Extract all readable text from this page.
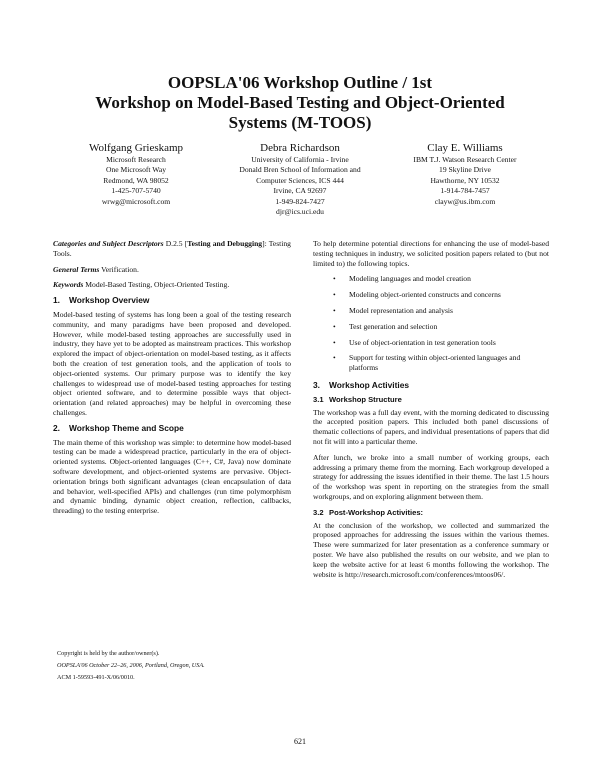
OOPSLA'06 Workshop Outline / 1st
Workshop on Model-Based Testing and Object-Oriented
Systems (M-TOOS)
Wolfgang Grieskamp
Microsoft Research
One Microsoft Way
Redmond, WA 98052
1-425-707-5740
wrwg@microsoft.com
Debra Richardson
University of California - Irvine
Donald Bren School of Information and
Computer Sciences, ICS 444
Irvine, CA 92697
1-949-824-7427
djr@ics.uci.edu
Clay E. Williams
IBM T.J. Watson Research Center
19 Skyline Drive
Hawthorne, NY 10532
1-914-784-7457
clayw@us.ibm.com

Categories and Subject Descriptors D.2.5 [Testing and Debugging]: Testing Tools.

General Terms Verification.

Keywords Model-Based Testing, Object-Oriented Testing.

1. Workshop Overview

Model-based testing of systems has long been a goal of the testing research community, and many paradigms have been proposed and developed. However, while model-based testing approaches are successfully used in industry, they have yet to be adopted as mainstream practices. This workshop explored the impact of object-orientation on model-based testing, as it affects both the creation of test generation tools, and the application of tools to object-oriented systems. Our primary purpose was to identify the key challenges to widespread use of model-based testing approaches for testing object oriented software, and to determine possible ways that object-orientation (and related approaches) may be helpful in overcoming these challenges.

2. Workshop Theme and Scope

The main theme of this workshop was simple: to determine how model-based testing can be made a widespread practice, particularly in the era of object-oriented systems. Object-oriented languages (C++, C#, Java) now dominate software development, and object-oriented systems are pervasive. Object-orientation brings both significant advantages (clean encapsulation of data and behavior, well-specified APIs) and challenges (run time polymorphism and dynamic binding, dynamic object creation, reflection, callbacks, threading) to the testing enterprise.

To help determine potential directions for enhancing the use of model-based testing techniques in industry, we solicited position papers related to (but not limited to) the following topics.

• Modeling languages and model creation
• Modeling object-oriented constructs and concerns
• Model representation and analysis
• Test generation and selection
• Use of object-orientation in test generation tools
• Support for testing within object-oriented languages and platforms
3. Workshop Activities
3.1 Workshop Structure

The workshop was a full day event, with the morning dedicated to discussing the accepted position papers. This included both panel discussions of thematic collections of papers, and individual presentations of papers that did not fit will into a particular theme.

After lunch, we broke into a small number of working groups, each addressing a primary theme from the morning. Each workgroup developed a strategy for addressing the issues identified in their theme. The last 1.5 hours of the workshop was spent in reporting on the strategies from the small workgroups, and on exploring alignment between them.

3.2 Post-Workshop Activities:

At the conclusion of the workshop, we collected and summarized the proposed approaches for addressing the issues within the various themes. These were summarized for later presentation as a conference summary or poster. We have also published the results on our website, and we plan to keep the website active for at least 6 months following the workshop. The website is http://research.microsoft.com/conferences/mtoos06/.

Copyright is held by the author/owner(s).
OOPSLA'06 October 22–26, 2006, Portland, Oregon, USA.
ACM 1-59593-491-X/06/0010.
621
